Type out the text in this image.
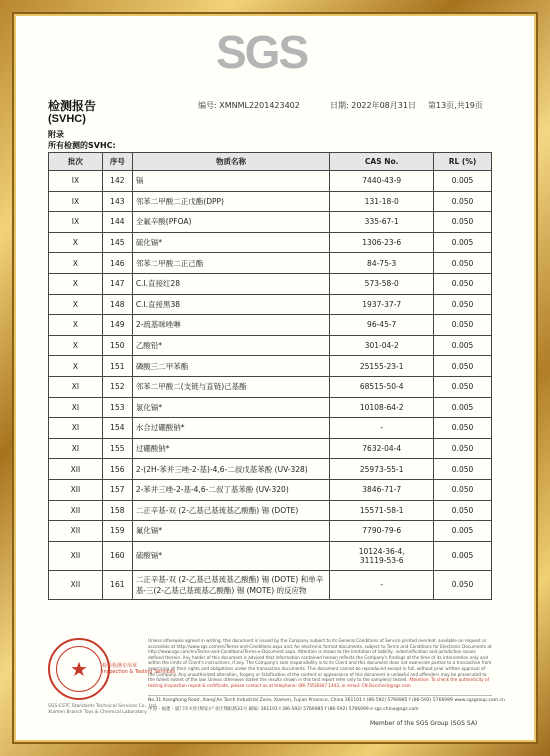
SGS
检测报告	编号: XMNML2201423402	日期: 2022年08月31日 第13页,共19页
(SVHC)
附录
所有检测的SVHC:
批次	序号	物质名称	CAS No.	RL (%)
IX	142	镉	7440-43-9	0.005
IX	143	邻苯二甲酸二正戊酯(DPP)	131-18-0	0.050
IX	144	全氟辛酸(PFOA)	335-67-1	0.050
X	145	硫化镉*	1306-23-6	0.005
X	146	邻苯二甲酸二正己酯	84-75-3	0.050
X	147	C.I.直接红28	573-58-0	0.050
X	148	C.I.直接黑38	1937-37-7	0.050
X	149	2-巯基咪唑啉	96-45-7	0.050
X	150	乙酸铅*	301-04-2	0.005
X	151	磷酸三二甲苯酯	25155-23-1	0.050
XI	152	邻苯二甲酸二(支链与直链)己基酯	68515-50-4	0.050
XI	153	氯化镉*	10108-64-2	0.005
XI	154	水合过硼酸钠*	-	0.050
XI	155	过硼酸钠*	7632-04-4	0.050
XII	156	2-(2H-苯并三唑-2-基)-4,6-二叔戊基苯酚 (UV-328)	25973-55-1	0.050
XII	157	2-苯并三唑-2-基-4,6-二叔丁基苯酚 (UV-320)	3846-71-7	0.050
XII	158	二正辛基-双 (2-乙基己基巯基乙酸酯) 锡 (DOTE)	15571-58-1	0.050
XII	159	氟化镉*	7790-79-6	0.005
XII	160	硫酸镉*	10124-36-4,
31119-53-6	0.005
XII	161	二正辛基-双 (2-乙基己基巯基乙酸酯) 锡 (DOTE) 和单辛基-三(2-乙基己基巯基乙酸酯) 锡 (MOTE) 的反应物	-	0.050
★	检验检测专用章
Inspection & Testing Services
Unless otherwise agreed in writing, this document is issued by the Company subject to its General Conditions of Service printed overleaf, available on request or accessible at http://www.sgs.com/en/Terms-and-Conditions.aspx and, for electronic format documents, subject to Terms and Conditions for Electronic Documents at http://www.sgs.com/en/Terms-and-Conditions/Terms-e-Document.aspx. Attention is drawn to the limitation of liability, indemnification and jurisdiction issues defined therein. Any holder of this document is advised that information contained hereon reflects the Company's findings at the time of its intervention only and within the limits of Client's instructions, if any. The Company's sole responsibility is to its Client and this document does not exonerate parties to a transaction from exercising all their rights and obligations under the transaction documents. This document cannot be reproduced except in full, without prior written approval of the Company. Any unauthorized alteration, forgery or falsification of the content or appearance of this document is unlawful and offenders may be prosecuted to the fullest extent of the law. Unless otherwise stated the results shown in this test report refer only to the sample(s) tested. Attention: To check the authenticity of testing /inspection report & certificate, please contact us at telephone: (86-755)8307 1443, or email: CN.Doccheck@sgs.com
No.31 Xianghong Road, Xiang'An Torch Industrial Zone, Xiamen, Fujian Province, China 361101 t (86-592) 5766985 f (86-592) 5766999 www.sgsgroup.com.cn
中国・福建・厦门市火炬(翔安)产业区翔虹路31号 邮编: 361101 t (86-592) 5766985 f (86-592) 5766999 e sgs.china@sgs.com
SGS-CSTC Standards Technical Services Co., Ltd.
Xiamen Branch Toys & Chemical Laboratory
Member of the SGS Group (SGS SA)
